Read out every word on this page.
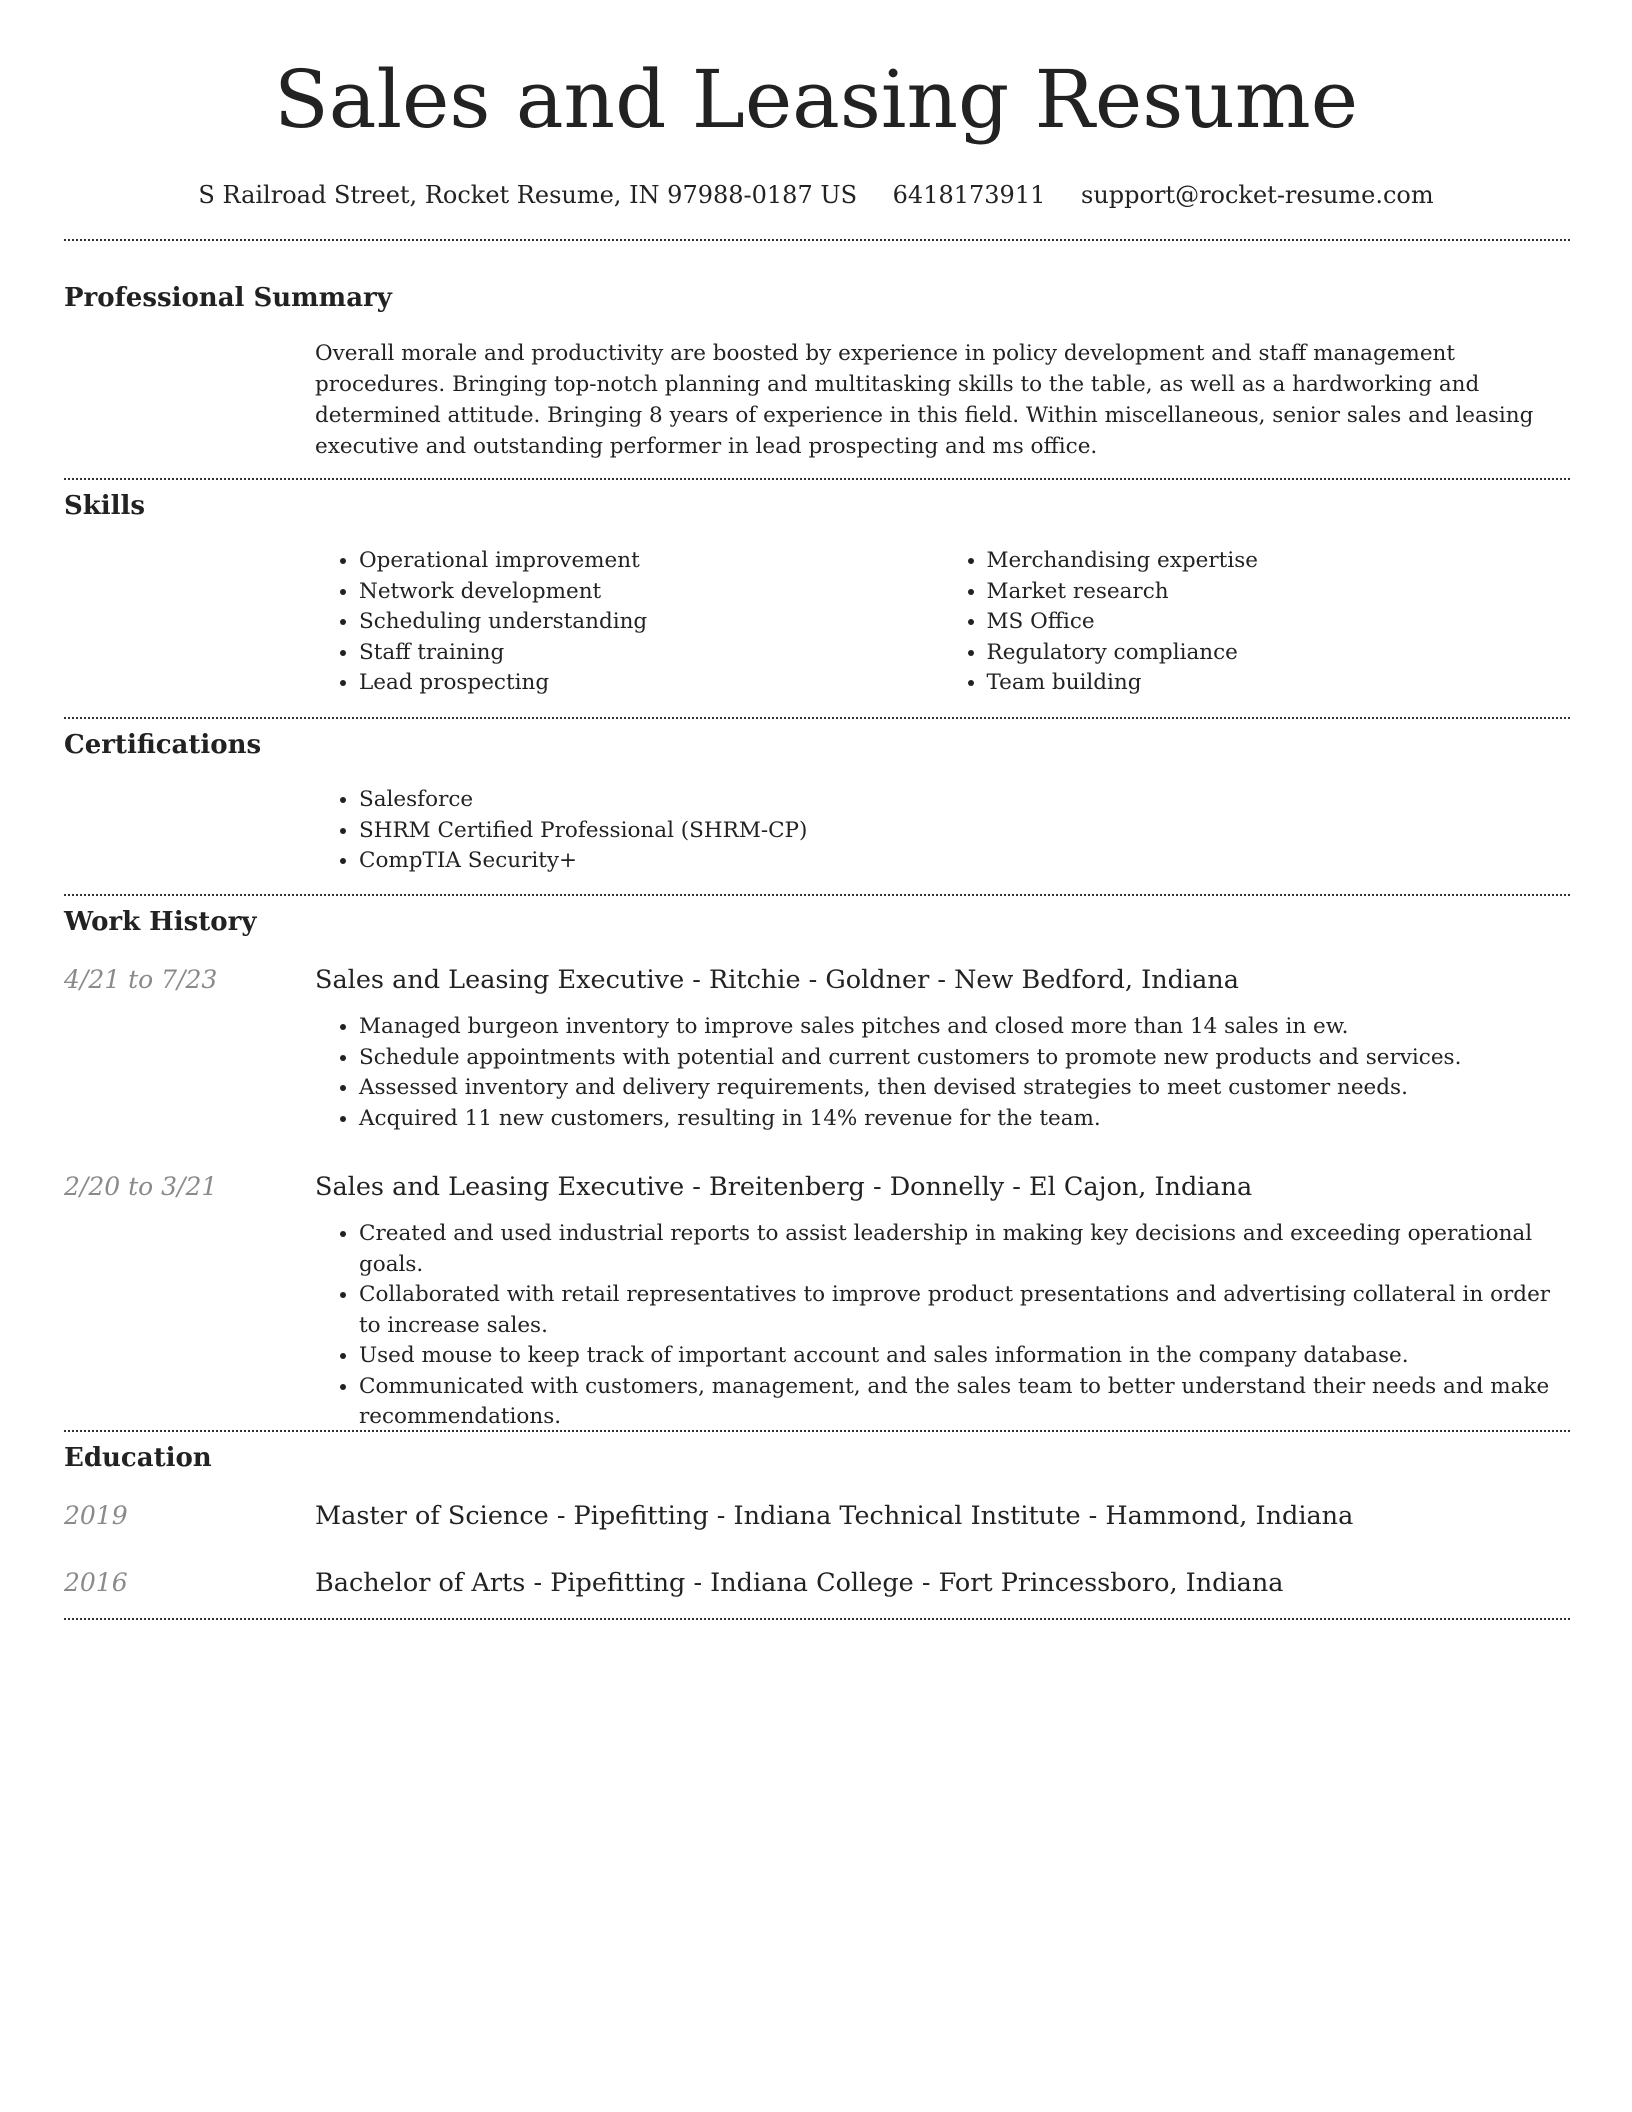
Sales and Leasing Resume
S Railroad Street, Rocket Resume, IN 97988-0187 US 6418173911 support@rocket-resume.com
Professional Summary
Overall morale and productivity are boosted by experience in policy development and staff management procedures. Bringing top-notch planning and multitasking skills to the table, as well as a hardworking and determined attitude. Bringing 8 years of experience in this field. Within miscellaneous, senior sales and leasing executive and outstanding performer in lead prospecting and ms office.
Skills
• Operational improvement
• Network development
• Scheduling understanding
• Staff training
• Lead prospecting
• Merchandising expertise
• Market research
• MS Office
• Regulatory compliance
• Team building
Certifications
• Salesforce
• SHRM Certified Professional (SHRM-CP)
• CompTIA Security+
Work History
4/21 to 7/23	Sales and Leasing Executive - Ritchie - Goldner - New Bedford, Indiana
• Managed burgeon inventory to improve sales pitches and closed more than 14 sales in ew.
• Schedule appointments with potential and current customers to promote new products and services.
• Assessed inventory and delivery requirements, then devised strategies to meet customer needs.
• Acquired 11 new customers, resulting in 14% revenue for the team.
2/20 to 3/21	Sales and Leasing Executive - Breitenberg - Donnelly - El Cajon, Indiana
• Created and used industrial reports to assist leadership in making key decisions and exceeding operational goals.
• Collaborated with retail representatives to improve product presentations and advertising collateral in order to increase sales.
• Used mouse to keep track of important account and sales information in the company database.
• Communicated with customers, management, and the sales team to better understand their needs and make recommendations.
Education
2019	Master of Science - Pipefitting - Indiana Technical Institute - Hammond, Indiana
2016	Bachelor of Arts - Pipefitting - Indiana College - Fort Princessboro, Indiana
